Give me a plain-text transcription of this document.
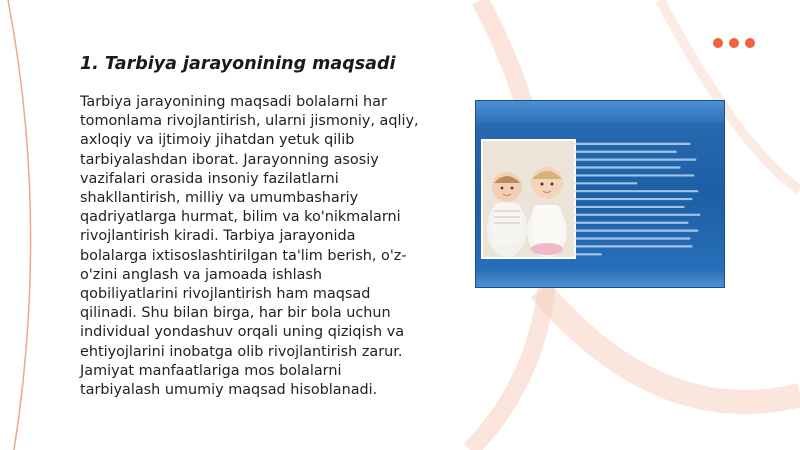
1. Tarbiya jarayonining maqsadi

Tarbiya jarayonining maqsadi bolalarni har tomonlama rivojlantirish, ularni jismoniy, aqliy, axloqiy va ijtimoiy jihatdan yetuk qilib tarbiyalashdan iborat. Jarayonning asosiy vazifalari orasida insoniy fazilatlarni shakllantirish, milliy va umumbashariy qadriyatlarga hurmat, bilim va ko'nikmalarni rivojlantirish kiradi. Tarbiya jarayonida bolalarga ixtisoslashtirilgan ta'lim berish, o'z-o'zini anglash va jamoada ishlash qobiliyatlarini rivojlantirish ham maqsad qilinadi. Shu bilan birga, har bir bola uchun individual yondashuv orqali uning qiziqish va ehtiyojlarini inobatga olib rivojlantirish zarur. Jamiyat manfaatlariga mos bolalarni tarbiyalash umumiy maqsad hisoblanadi.
